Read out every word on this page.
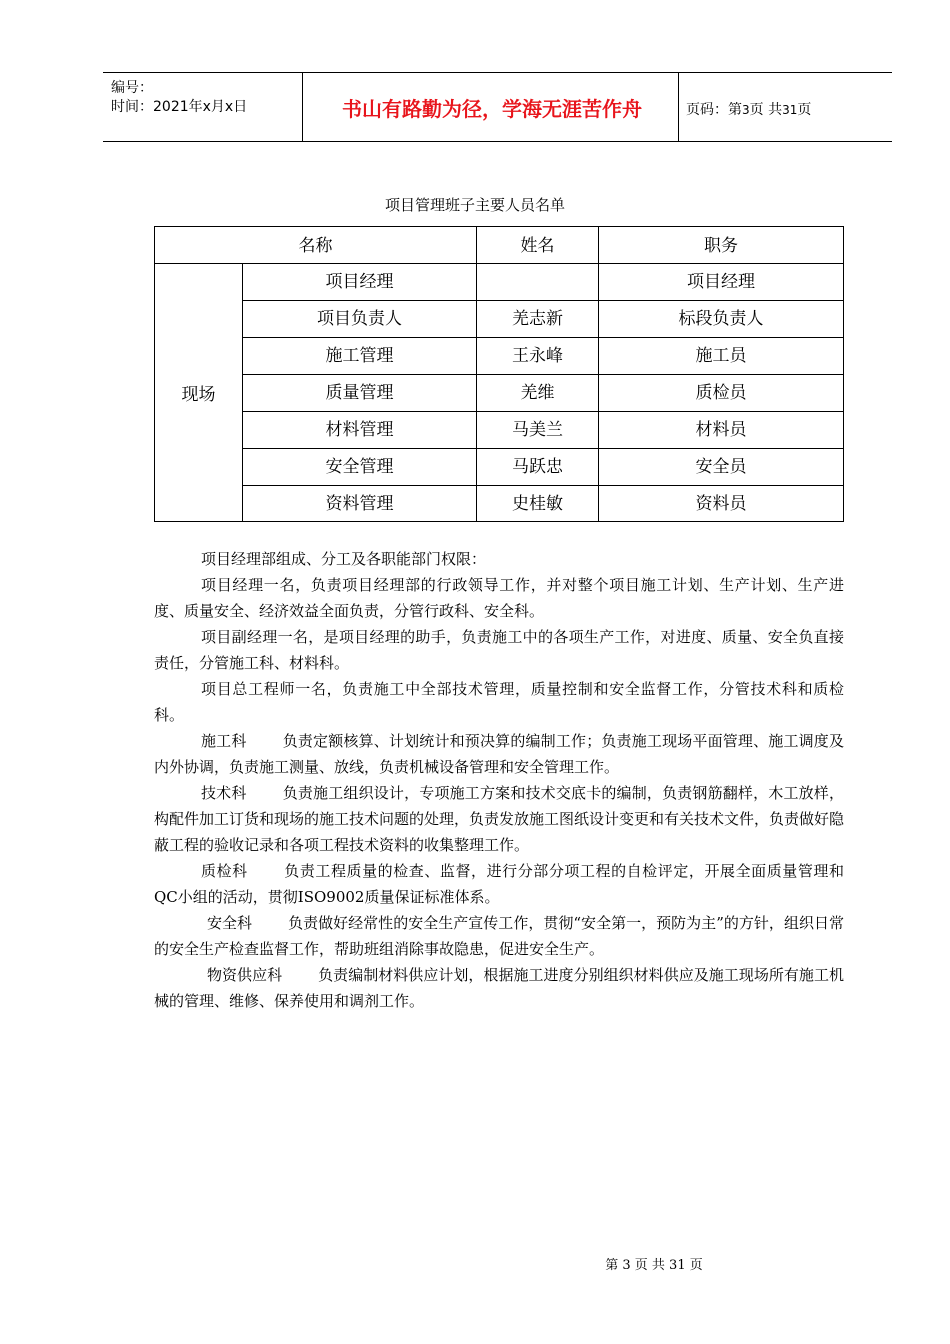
编号：
时间：2021年x月x日	书山有路勤为径，学海无涯苦作舟	页码：第3页 共31页
项目管理班子主要人员名单
名称		姓名	职务

现场	项目经理		项目经理

	项目负责人	羌志新	标段负责人

	施工管理	王永峰	施工员

	质量管理	羌维	质检员

	材料管理	马美兰	材料员

	安全管理	马跃忠	安全员

	资料管理	史桂敏	资料员

项目经理部组成、分工及各职能部门权限：

项目经理一名，负责项目经理部的行政领导工作，并对整个项目施工计划、生产计划、生产进度、质量安全、经济效益全面负责，分管行政科、安全科。

项目副经理一名，是项目经理的助手，负责施工中的各项生产工作，对进度、质量、安全负直接责任，分管施工科、材料科。

项目总工程师一名，负责施工中全部技术管理，质量控制和安全监督工作，分管技术科和质检科。

施工科 负责定额核算、计划统计和预决算的编制工作；负责施工现场平面管理、施工调度及内外协调，负责施工测量、放线，负责机械设备管理和安全管理工作。

技术科 负责施工组织设计，专项施工方案和技术交底卡的编制，负责钢筋翻样，木工放样，构配件加工订货和现场的施工技术问题的处理，负责发放施工图纸设计变更和有关技术文件，负责做好隐蔽工程的验收记录和各项工程技术资料的收集整理工作。

质检科 负责工程质量的检查、监督，进行分部分项工程的自检评定，开展全面质量管理和QC小组的活动，贯彻ISO9002质量保证标准体系。

安全科 负责做好经常性的安全生产宣传工作，贯彻“安全第一，预防为主”的方针，组织日常的安全生产检查监督工作，帮助班组消除事故隐患，促进安全生产。

物资供应科 负责编制材料供应计划，根据施工进度分别组织材料供应及施工现场所有施工机械的管理、维修、保养使用和调剂工作。

第 3 页 共 31 页
